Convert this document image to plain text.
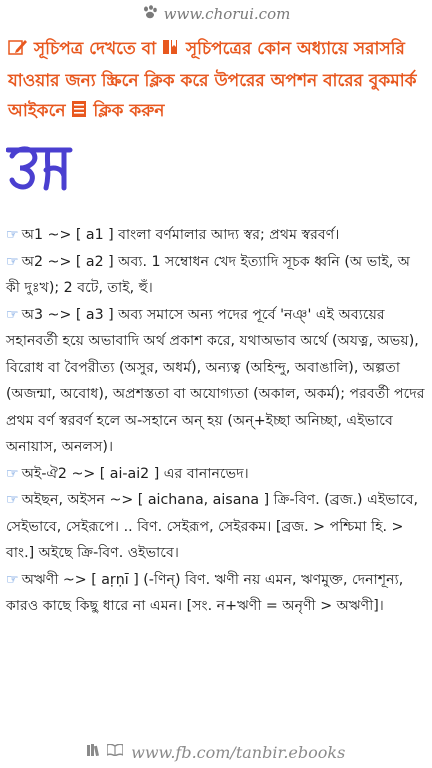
www.chorui.com
সূচিপত্র দেখতে বা সূচিপত্রের কোন অধ্যায়ে সরাসরি যাওয়ার জন্য স্ক্রিনে ক্লিক করে উপরের অপশন বারের বুকমার্ক আইকনে ক্লিক করুন

☞ অ1 ~> [ a1 ] বাংলা বর্ণমালার আদ্য স্বর; প্রথম স্বরবর্ণ।

☞ অ2 ~> [ a2 ] অব্য. 1 সম্বোধন খেদ ইত্যাদি সূচক ধ্বনি (অ ভাই, অ কী দুঃখ); 2 বটে, তাই, হুঁ।

☞ অ3 ~> [ a3 ] অব্য সমাসে অন্য পদের পূর্বে 'নঞ্' এই অব্যয়ের সহানবর্তী হয়ে অভাবাদি অর্থ প্রকাশ করে, যথাঅভাব অর্থে (অযত্ন, অভয়), বিরোধ বা বৈপরীত্য (অসুর, অধর্ম), অন্যত্ব (অহিন্দু, অবাঙালি), অল্পতা (অজন্মা, অবোধ), অপ্রশস্ততা বা অযোগ্যতা (অকাল, অকর্ম); পরবর্তী পদের প্রথম বর্ণ স্বরবর্ণ হলে অ-সহানে অন্ হয় (অন্+ইচ্ছা অনিচ্ছা, এইভাবে অনায়াস, অনলস)।

☞ অই-ঐ2 ~> [ ai-ai2 ] এর বানানভেদ।

☞ অইছন, অইসন ~> [ aichana, aisana ] ক্রি-বিণ. (ব্রজ.) এইভাবে, সেইভাবে, সেইরূপে। .. বিণ. সেইরূপ, সেইরকম। [ব্রজ. > পশ্চিমা হি. > বাং.] অইছে ক্রি-বিণ. ওইভাবে।

☞ অঋণী ~> [ aṛṇī ] (-ণিন্) বিণ. ঋণী নয় এমন, ঋণমুক্ত, দেনাশূন্য, কারও কাছে কিছু ধারে না এমন। [সং. ন+ঋণী = অনৃণী > অঋণী]।

www.fb.com/tanbir.ebooks
